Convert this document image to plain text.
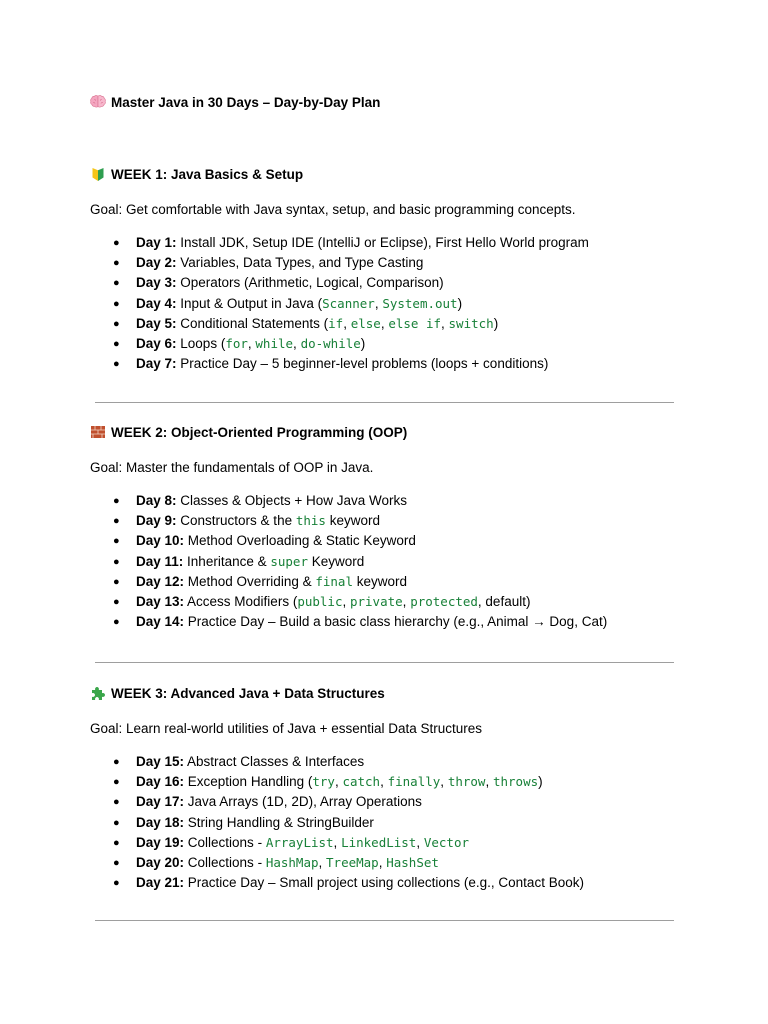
Master Java in 30 Days – Day-by-Day Plan
WEEK 1: Java Basics & Setup
Goal: Get comfortable with Java syntax, setup, and basic programming concepts.
● Day 1: Install JDK, Setup IDE (IntelliJ or Eclipse), First Hello World program
● Day 2: Variables, Data Types, and Type Casting
● Day 3: Operators (Arithmetic, Logical, Comparison)
● Day 4: Input & Output in Java (Scanner, System.out)
● Day 5: Conditional Statements (if, else, else if, switch)
● Day 6: Loops (for, while, do-while)
● Day 7: Practice Day – 5 beginner-level problems (loops + conditions)
WEEK 2: Object-Oriented Programming (OOP)
Goal: Master the fundamentals of OOP in Java.
● Day 8: Classes & Objects + How Java Works
● Day 9: Constructors & the this keyword
● Day 10: Method Overloading & Static Keyword
● Day 11: Inheritance & super Keyword
● Day 12: Method Overriding & final keyword
● Day 13: Access Modifiers (public, private, protected, default)
● Day 14: Practice Day – Build a basic class hierarchy (e.g., Animal → Dog, Cat)
WEEK 3: Advanced Java + Data Structures
Goal: Learn real-world utilities of Java + essential Data Structures
● Day 15: Abstract Classes & Interfaces
● Day 16: Exception Handling (try, catch, finally, throw, throws)
● Day 17: Java Arrays (1D, 2D), Array Operations
● Day 18: String Handling & StringBuilder
● Day 19: Collections - ArrayList, LinkedList, Vector
● Day 20: Collections - HashMap, TreeMap, HashSet
● Day 21: Practice Day – Small project using collections (e.g., Contact Book)
